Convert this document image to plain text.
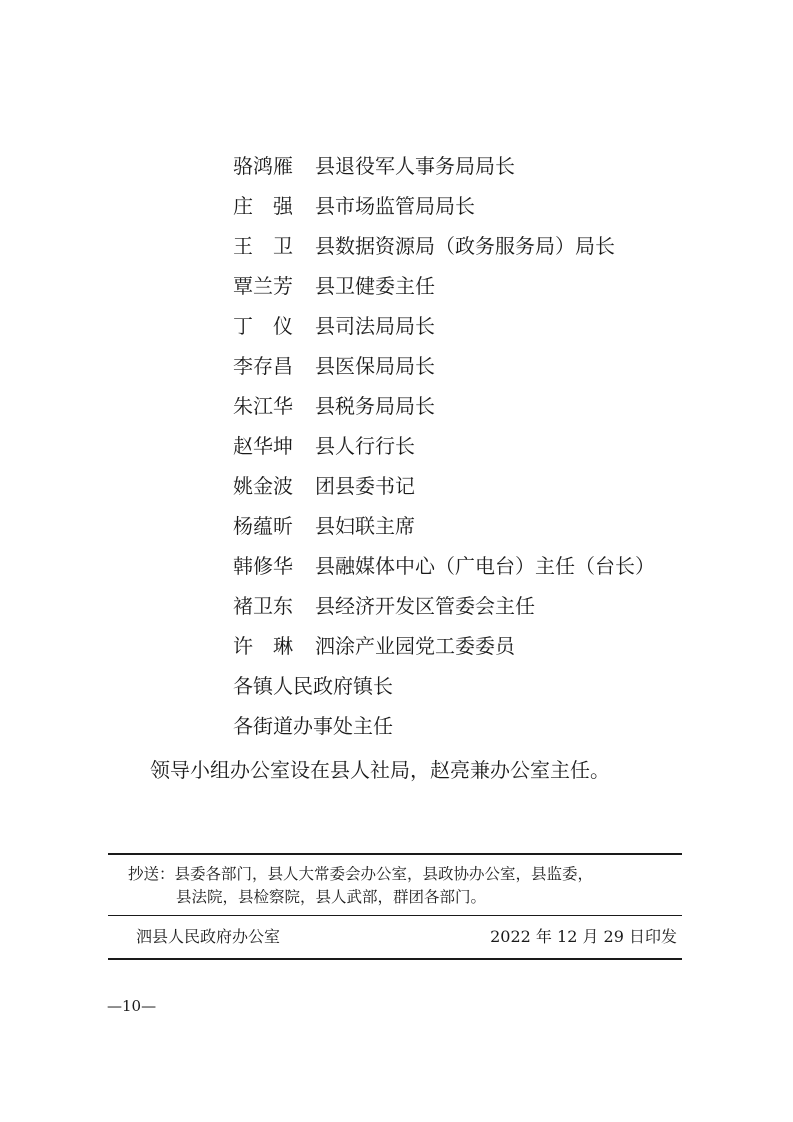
骆鸿雁 县退役军人事务局局长
庄　强 县市场监管局局长
王　卫 县数据资源局（政务服务局）局长
覃兰芳 县卫健委主任
丁　仪 县司法局局长
李存昌 县医保局局长
朱江华 县税务局局长
赵华坤 县人行行长
姚金波 团县委书记
杨蕴昕 县妇联主席
韩修华 县融媒体中心（广电台）主任（台长）
褚卫东 县经济开发区管委会主任
许　琳 泗涂产业园党工委委员
各镇人民政府镇长
各街道办事处主任
领导小组办公室设在县人社局，赵亮兼办公室主任。
抄送：县委各部门，县人大常委会办公室，县政协办公室，县监委，
县法院，县检察院，县人武部，群团各部门。
泗县人民政府办公室	2022 年 12 月 29 日印发
—10—
